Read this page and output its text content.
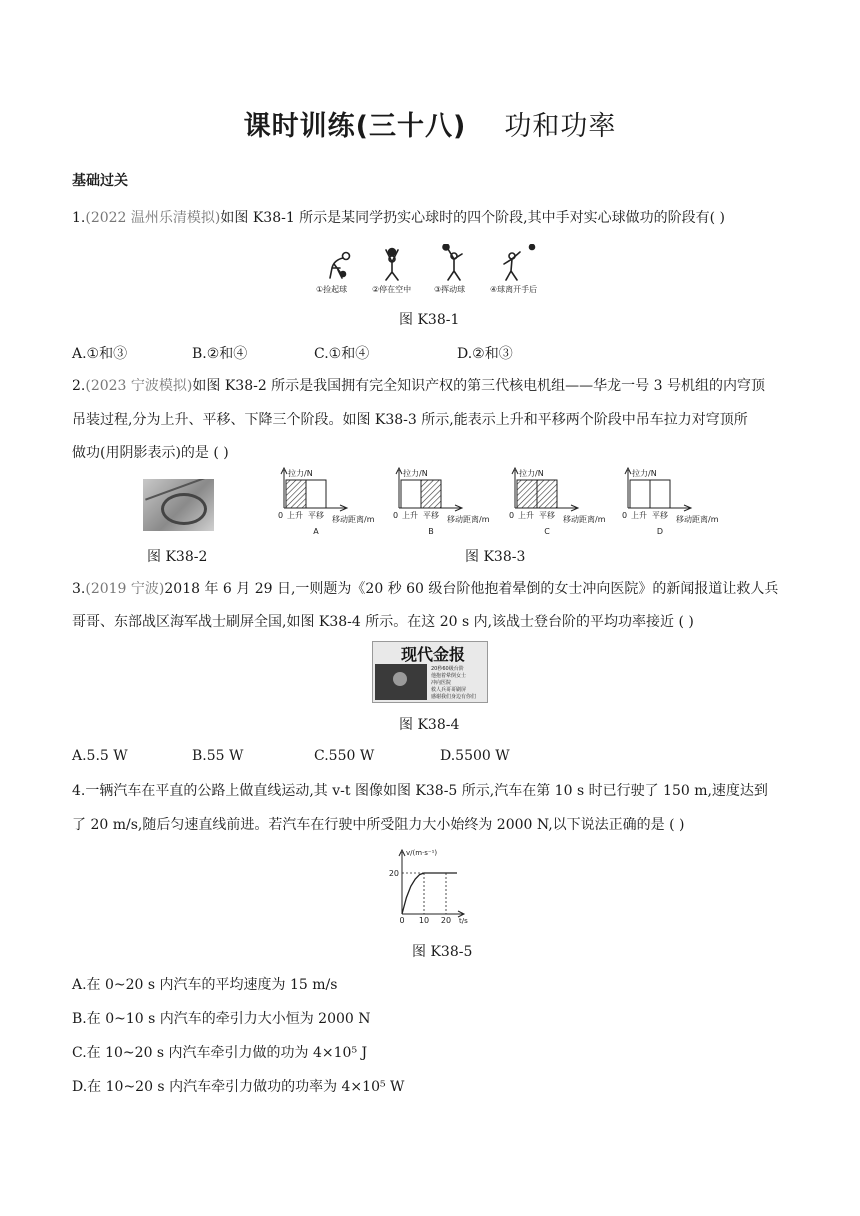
课时训练(三十八) 功和功率
基础过关
1.(2022 温州乐清模拟)如图 K38-1 所示是某同学扔实心球时的四个阶段,其中手对实心球做功的阶段有( )
①捡起球	②停在空中	③挥动球	④球离开手后
图 K38-1
A.①和③	B.②和④	C.①和④	D.②和③
2.(2023 宁波模拟)如图 K38-2 所示是我国拥有完全知识产权的第三代核电机组——华龙一号 3 号机组的内穹顶
吊装过程,分为上升、平移、下降三个阶段。如图 K38-3 所示,能表示上升和平移两个阶段中吊车拉力对穹顶所
做功(用阴影表示)的是 ( )
拉力/N
0 上升 平移 移动距离/m
A
拉力/N
0 上升 平移 移动距离/m
B
拉力/N
0 上升 平移 移动距离/m
C
拉力/N
0 上升 平移 移动距离/m
D
图 K38-2	图 K38-3
3.(2019 宁波)2018 年 6 月 29 日,一则题为《20 秒 60 级台阶他抱着晕倒的女士冲向医院》的新闻报道让救人兵
哥哥、东部战区海军战士刷屏全国,如图 K38-4 所示。在这 20 s 内,该战士登台阶的平均功率接近 ( )
现代金报
20秒60级台阶
他抱着晕倒女士
冲向医院
救人兵哥哥刷屏
感谢我们身边有你们
图 K38-4
A.5.5 W	B.55 W	C.550 W	D.5500 W
4.一辆汽车在平直的公路上做直线运动,其 v-t 图像如图 K38-5 所示,汽车在第 10 s 时已行驶了 150 m,速度达到
了 20 m/s,随后匀速直线前进。若汽车在行驶中所受阻力大小始终为 2000 N,以下说法正确的是 ( )
v/(m·s⁻¹)
20
0 10 20 t/s
图 K38-5
A.在 0~20 s 内汽车的平均速度为 15 m/s
B.在 0~10 s 内汽车的牵引力大小恒为 2000 N
C.在 10~20 s 内汽车牵引力做的功为 4×10⁵ J
D.在 10~20 s 内汽车牵引力做功的功率为 4×10⁵ W
